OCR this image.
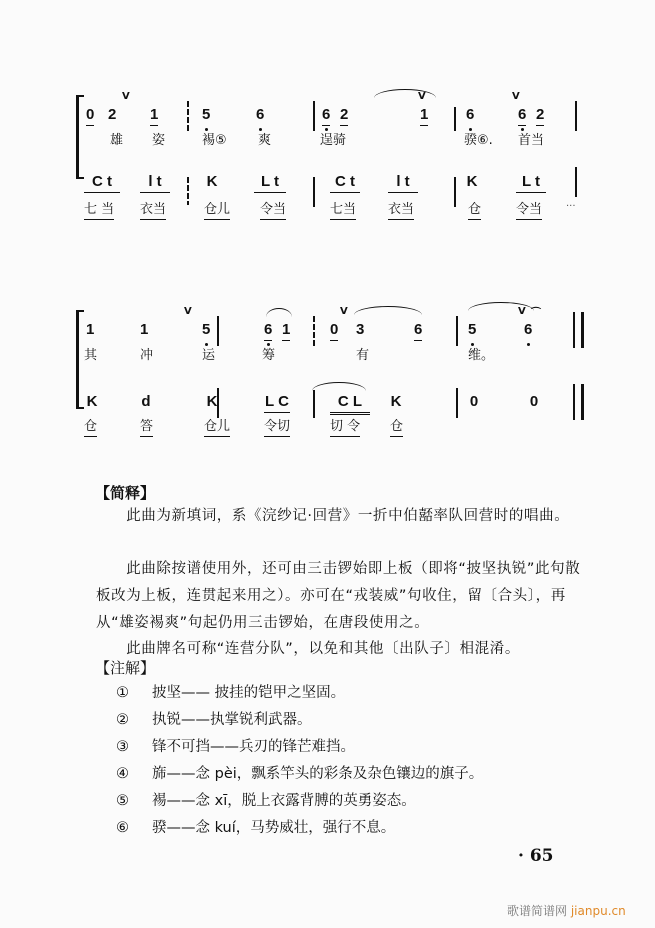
V	V	V
0 2 1	5	6	6 2	1	6	6 2
雄 姿	裼⑤ 爽	逞骑	骙⑥. 首当
C t	l t	K	L t	C t	l t	K	L t
七 当 衣当	仓儿 令当	七当 衣当	仓	令当 ···
V	V	V ⌒
1	1	5	6 1	0 3	6	5	6
其	冲	运	筹	有	维。
K	d	K	L C	C L	K	0	0
仓	答	仓儿	令切	切 令 仓
【简释】
　　此曲为新填词，系《浣纱记·回营》一折中伯嚭率队回营时的唱曲。
　　此曲除按谱使用外，还可由三击锣始即上板（即将“披坚执锐”此句散板改为上板，连贯起来用之）。亦可在“戎装威”句收住，留〔合头〕，再从“雄姿裼爽”句起仍用三击锣始，在唐段使用之。
　　此曲牌名可称“连营分队”，以免和其他〔出队子〕相混淆。
【注解】
① 披坚—— 披挂的铠甲之坚固。
② 执锐——执掌锐利武器。
③ 锋不可挡——兵刃的锋芒难挡。
④ 旆——念 pèi，飘系竿头的彩条及杂色镶边的旗子。
⑤ 裼——念 xī，脱上衣露背膊的英勇姿态。
⑥ 骙——念 kuí，马势威壮，强行不息。
· 65
歌谱简谱网 jianpu.cn
